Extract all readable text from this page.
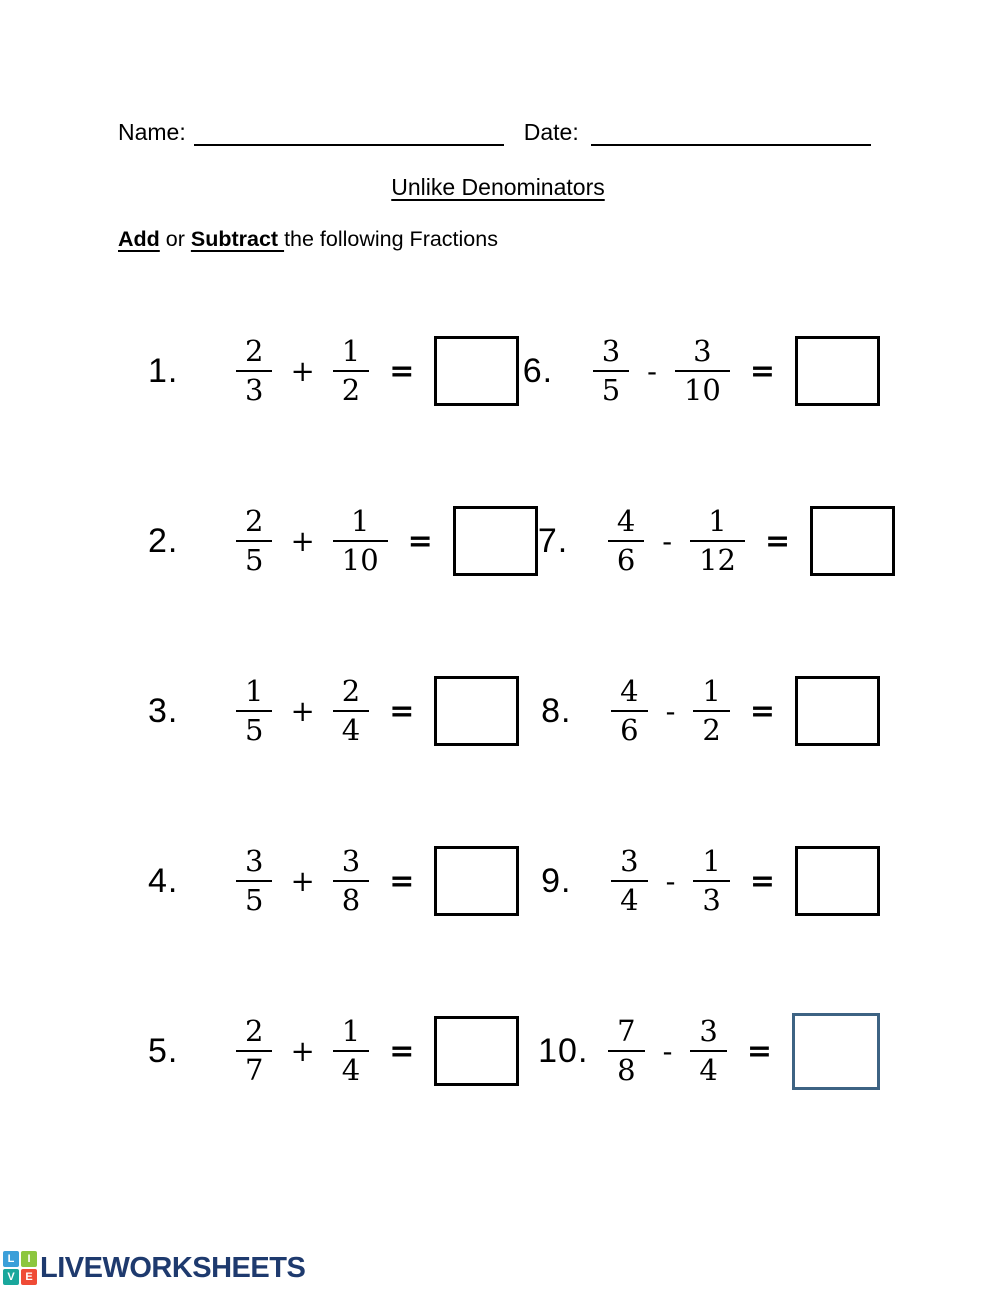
Name:	Date:
Unlike Denominators
Add or Subtract the following Fractions
1.	$\frac{2}{3} + \frac{1}{2}$ =	6.	$\frac{3}{5} - \frac{3}{10}$ =
2.	$\frac{2}{5} + \frac{1}{10}$ =	7.	$\frac{4}{6} - \frac{1}{12}$ =
3.	$\frac{1}{5} + \frac{2}{4}$ =	8.	$\frac{4}{6} - \frac{1}{2}$ =
4.	$\frac{3}{5} + \frac{3}{8}$ =	9.	$\frac{3}{4} - \frac{1}{3}$ =
5.	$\frac{2}{7} + \frac{1}{4}$ =	10. $\frac{7}{8} - \frac{3}{4}$ =
L	I
V E LIVEWORKSHEETS
